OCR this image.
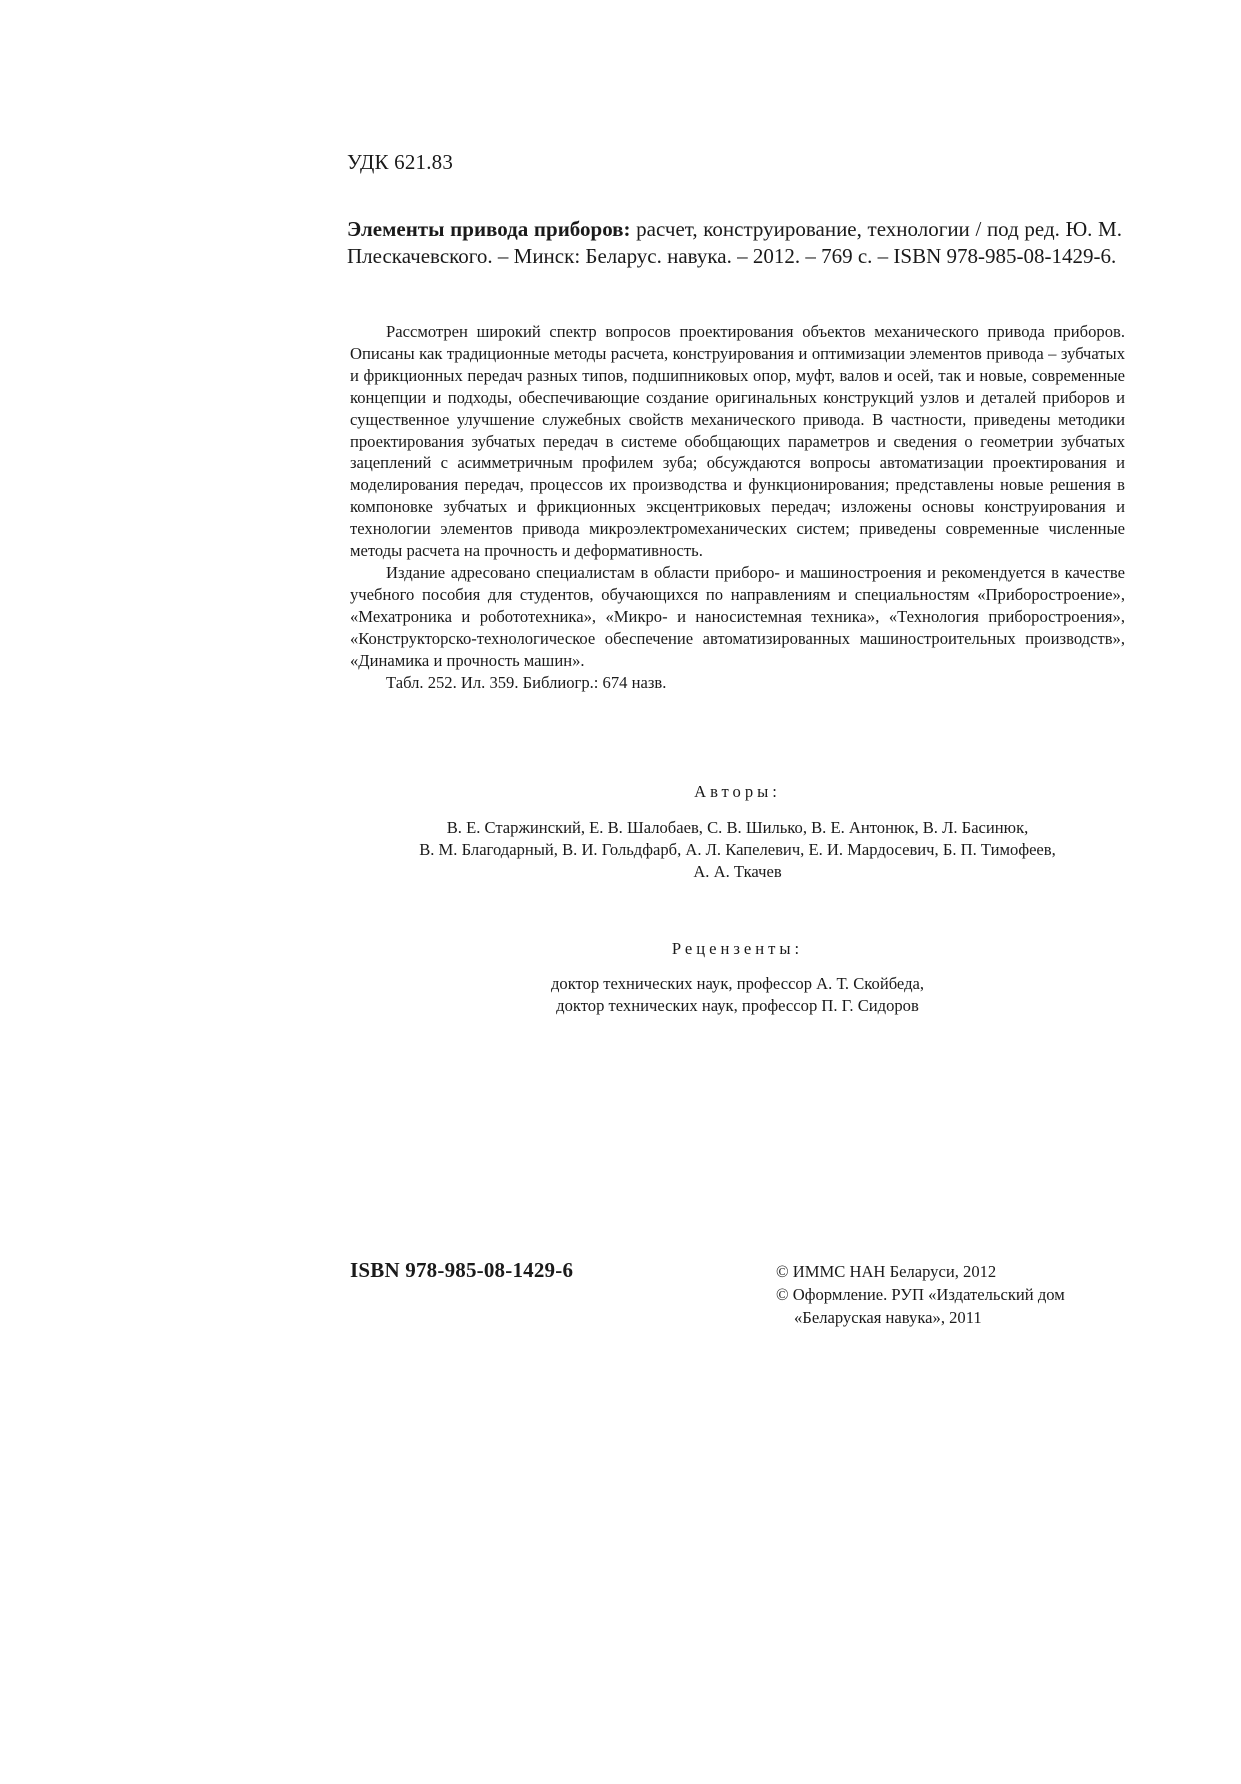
УДК 621.83
Элементы привода приборов: расчет, конструирование, технологии / под ред. Ю. М. Плескачевского. – Минск: Беларус. навука. – 2012. – 769 с. – ISBN 978-985-08-1429-6.

Рассмотрен широкий спектр вопросов проектирования объектов механического привода приборов. Описаны как традиционные методы расчета, конструирования и оптимизации элементов привода – зубчатых и фрикционных передач разных типов, подшипниковых опор, муфт, валов и осей, так и новые, современные концепции и подходы, обеспечивающие создание оригинальных конструкций узлов и деталей приборов и существенное улучшение служебных свойств механического привода. В частности, приведены методики проектирования зубчатых передач в системе обобщающих параметров и сведения о геометрии зубчатых зацеплений с асимметричным профилем зуба; обсуждаются вопросы автоматизации проектирования и моделирования передач, процессов их производства и функционирования; представлены новые решения в компоновке зубчатых и фрикционных эксцентриковых передач; изложены основы конструирования и технологии элементов привода микроэлектромеханических систем; приведены современные численные методы расчета на прочность и деформативность.

Издание адресовано специалистам в области приборо- и машиностроения и рекомендуется в качестве учебного пособия для студентов, обучающихся по направлениям и специальностям «Приборостроение», «Мехатроника и робототехника», «Микро- и наносистемная техника», «Технология приборостроения», «Конструкторско-технологическое обеспечение автоматизированных машиностроительных производств», «Динамика и прочность машин».

Табл. 252. Ил. 359. Библиогр.: 674 назв.

Авторы:
В. Е. Старжинский, Е. В. Шалобаев, С. В. Шилько, В. Е. Антонюк, В. Л. Басинюк,
В. М. Благодарный, В. И. Гольдфарб, А. Л. Капелевич, Е. И. Мардосевич, Б. П. Тимофеев,
А. А. Ткачев
Рецензенты:
доктор технических наук, профессор А. Т. Скойбеда,
доктор технических наук, профессор П. Г. Сидоров
ISBN 978-985-08-1429-6	© ИММС НАН Беларуси, 2012
© Оформление. РУП «Издательский дом
«Беларуская навука», 2011
